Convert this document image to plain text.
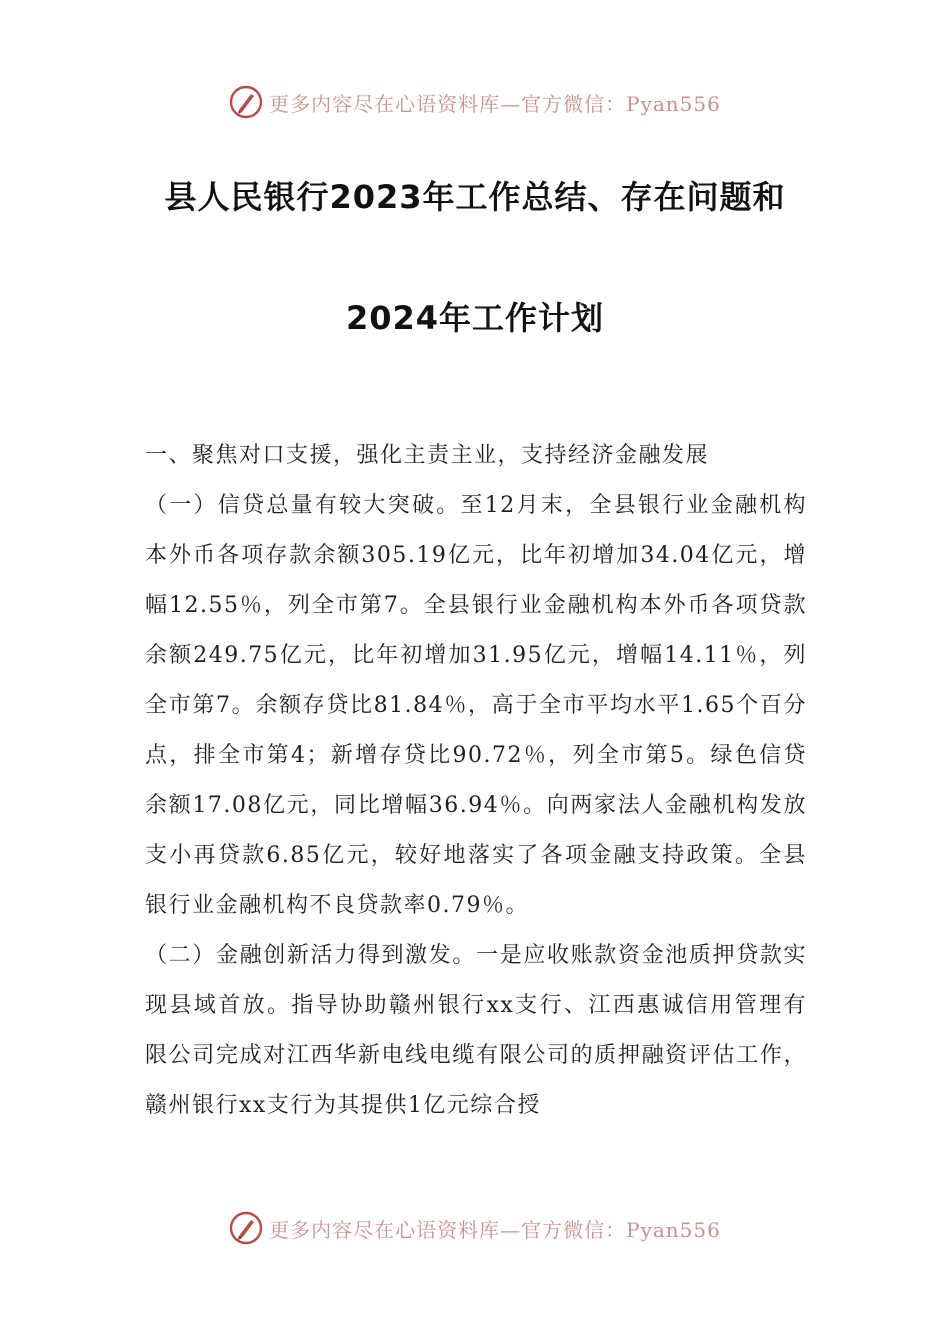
更多内容尽在心语资料库—官方微信：Pyan556
县人民银行2023年工作总结、存在问题和
2024年工作计划

一、聚焦对口支援，强化主责主业，支持经济金融发展

（一）信贷总量有较大突破。至12月末，全县银行业金融机构本外币各项存款余额305.19亿元，比年初增加34.04亿元，增幅12.55％，列全市第7。全县银行业金融机构本外币各项贷款余额249.75亿元，比年初增加31.95亿元，增幅14.11％，列全市第7。余额存贷比81.84％，高于全市平均水平1.65个百分点，排全市第4；新增存贷比90.72％，列全市第5。绿色信贷余额17.08亿元，同比增幅36.94％。向两家法人金融机构发放支小再贷款6.85亿元，较好地落实了各项金融支持政策。全县银行业金融机构不良贷款率0.79％。

（二）金融创新活力得到激发。一是应收账款资金池质押贷款实现县域首放。指导协助赣州银行xx支行、江西惠诚信用管理有限公司完成对江西华新电线电缆有限公司的质押融资评估工作，赣州银行xx支行为其提供1亿元综合授

更多内容尽在心语资料库—官方微信：Pyan556
